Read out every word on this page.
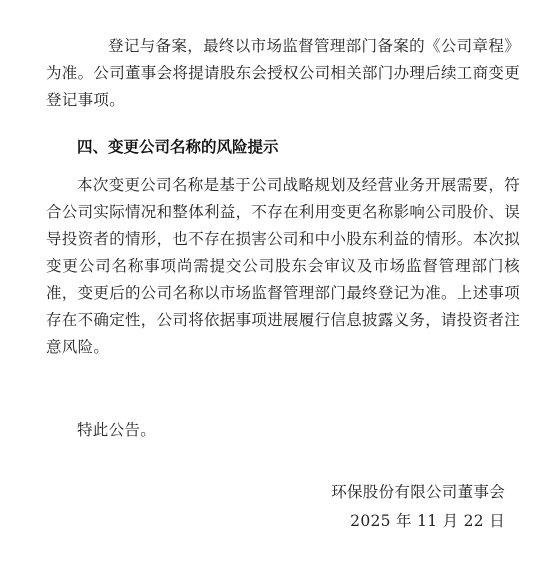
登记与备案，最终以市场监督管理部门备案的《公司章程》为准。公司董事会将提请股东会授权公司相关部门办理后续工商变更登记事项。

四、变更公司名称的风险提示

本次变更公司名称是基于公司战略规划及经营业务开展需要，符合公司实际情况和整体利益，不存在利用变更名称影响公司股价、误导投资者的情形，也不存在损害公司和中小股东利益的情形。本次拟变更公司名称事项尚需提交公司股东会审议及市场监督管理部门核准，变更后的公司名称以市场监督管理部门最终登记为准。上述事项存在不确定性，公司将依据事项进展履行信息披露义务，请投资者注意风险。

特此公告。

环保股份有限公司董事会

2025 年 11 月 22 日
